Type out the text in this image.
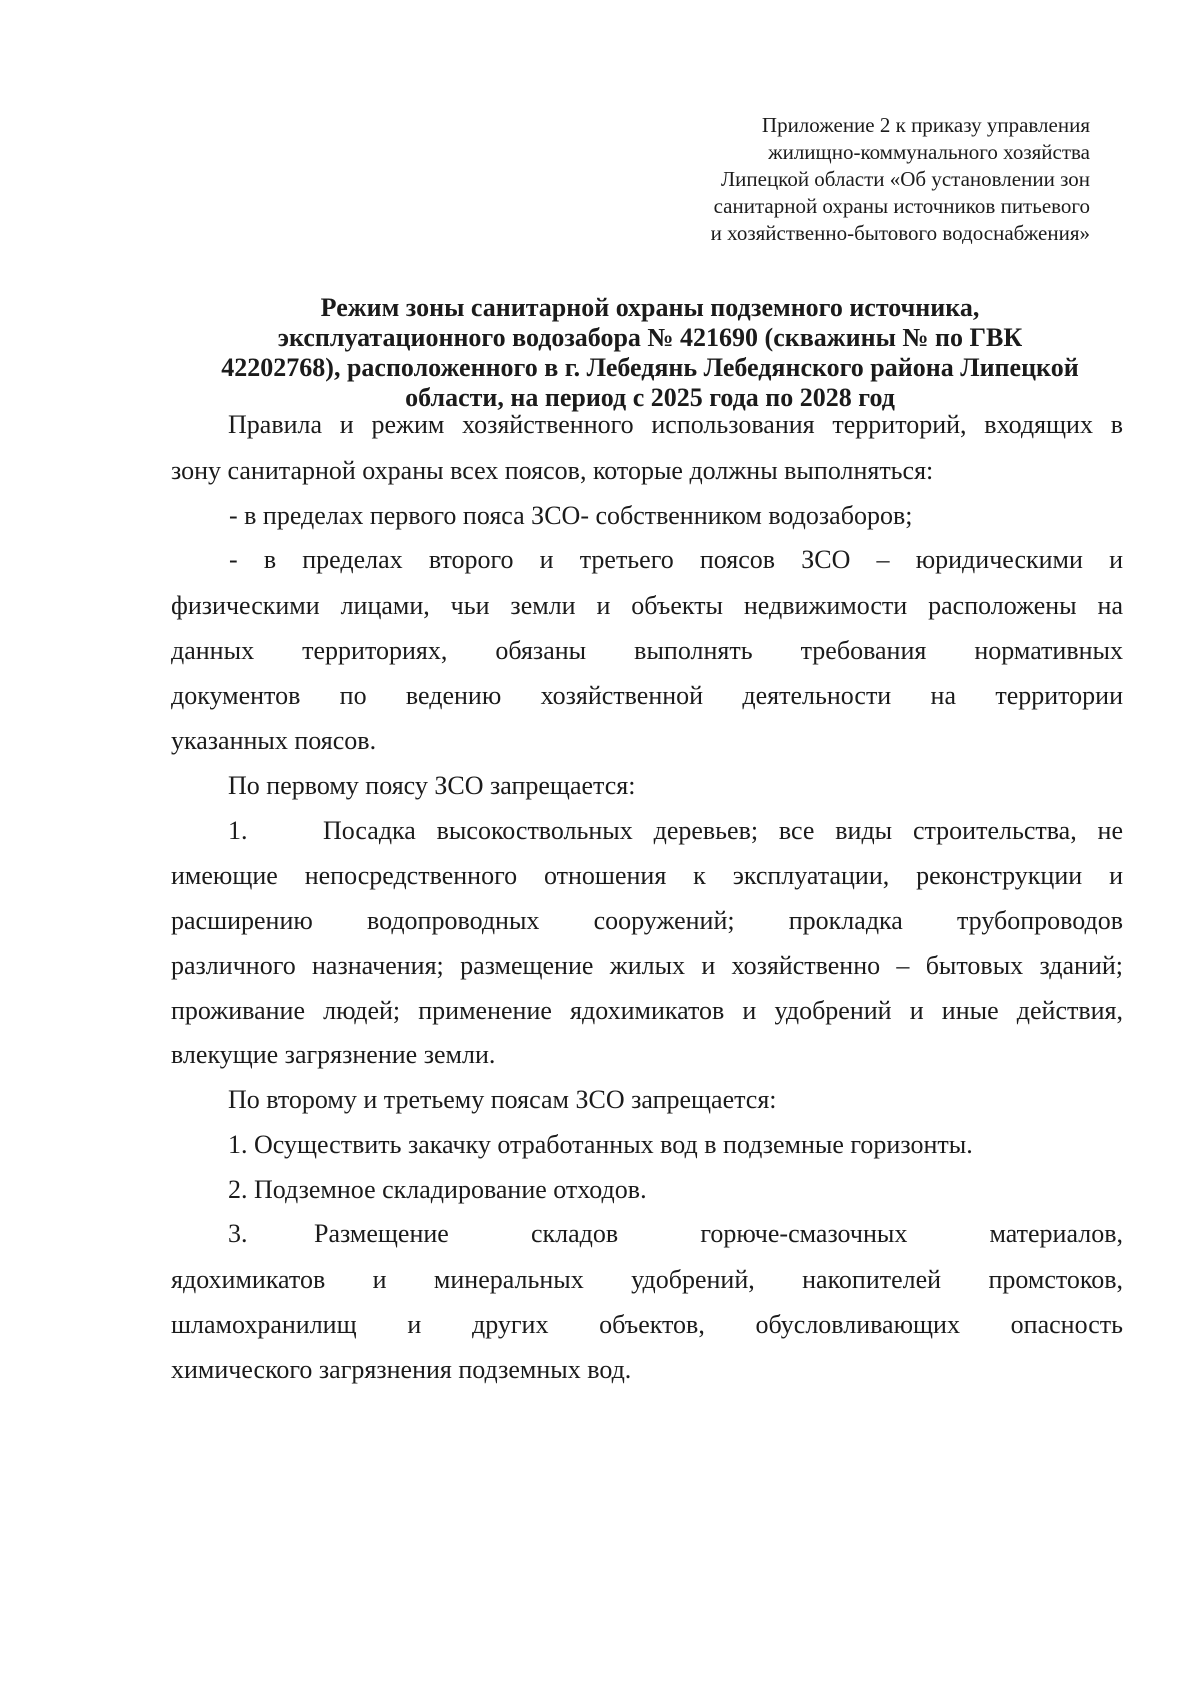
Приложение 2 к приказу управления
жилищно-коммунального хозяйства
Липецкой области «Об установлении зон
санитарной охраны источников питьевого
и хозяйственно-бытового водоснабжения»
Режим зоны санитарной охраны подземного источника,
эксплуатационного водозабора № 421690 (скважины № по ГВК
42202768), расположенного в г. Лебедянь Лебедянского района Липецкой
области, на период с 2025 года по 2028 год
Правила и режим хозяйственного использования территорий, входящих в
зону санитарной охраны всех поясов, которые должны выполняться:
- в пределах первого пояса ЗСО- собственником водозаборов;
- в пределах второго и третьего поясов ЗСО – юридическими и
физическими лицами, чьи земли и объекты недвижимости расположены на
данных территориях, обязаны выполнять требования нормативных
документов по ведению хозяйственной деятельности на территории
указанных поясов.
По первому поясу ЗСО запрещается:
1.	Посадка высокоствольных деревьев; все виды строительства, не
имеющие непосредственного отношения к эксплуатации, реконструкции и
расширению водопроводных сооружений; прокладка трубопроводов
различного назначения; размещение жилых и хозяйственно – бытовых зданий;
проживание людей; применение ядохимикатов и удобрений и иные действия,
влекущие загрязнение земли.
По второму и третьему поясам ЗСО запрещается:
1. Осуществить закачку отработанных вод в подземные горизонты.
2. Подземное складирование отходов.
3.	Размещение складов горюче-смазочных материалов,
ядохимикатов и минеральных удобрений, накопителей промстоков,
шламохранилищ и других объектов, обусловливающих опасность
химического загрязнения подземных вод.
